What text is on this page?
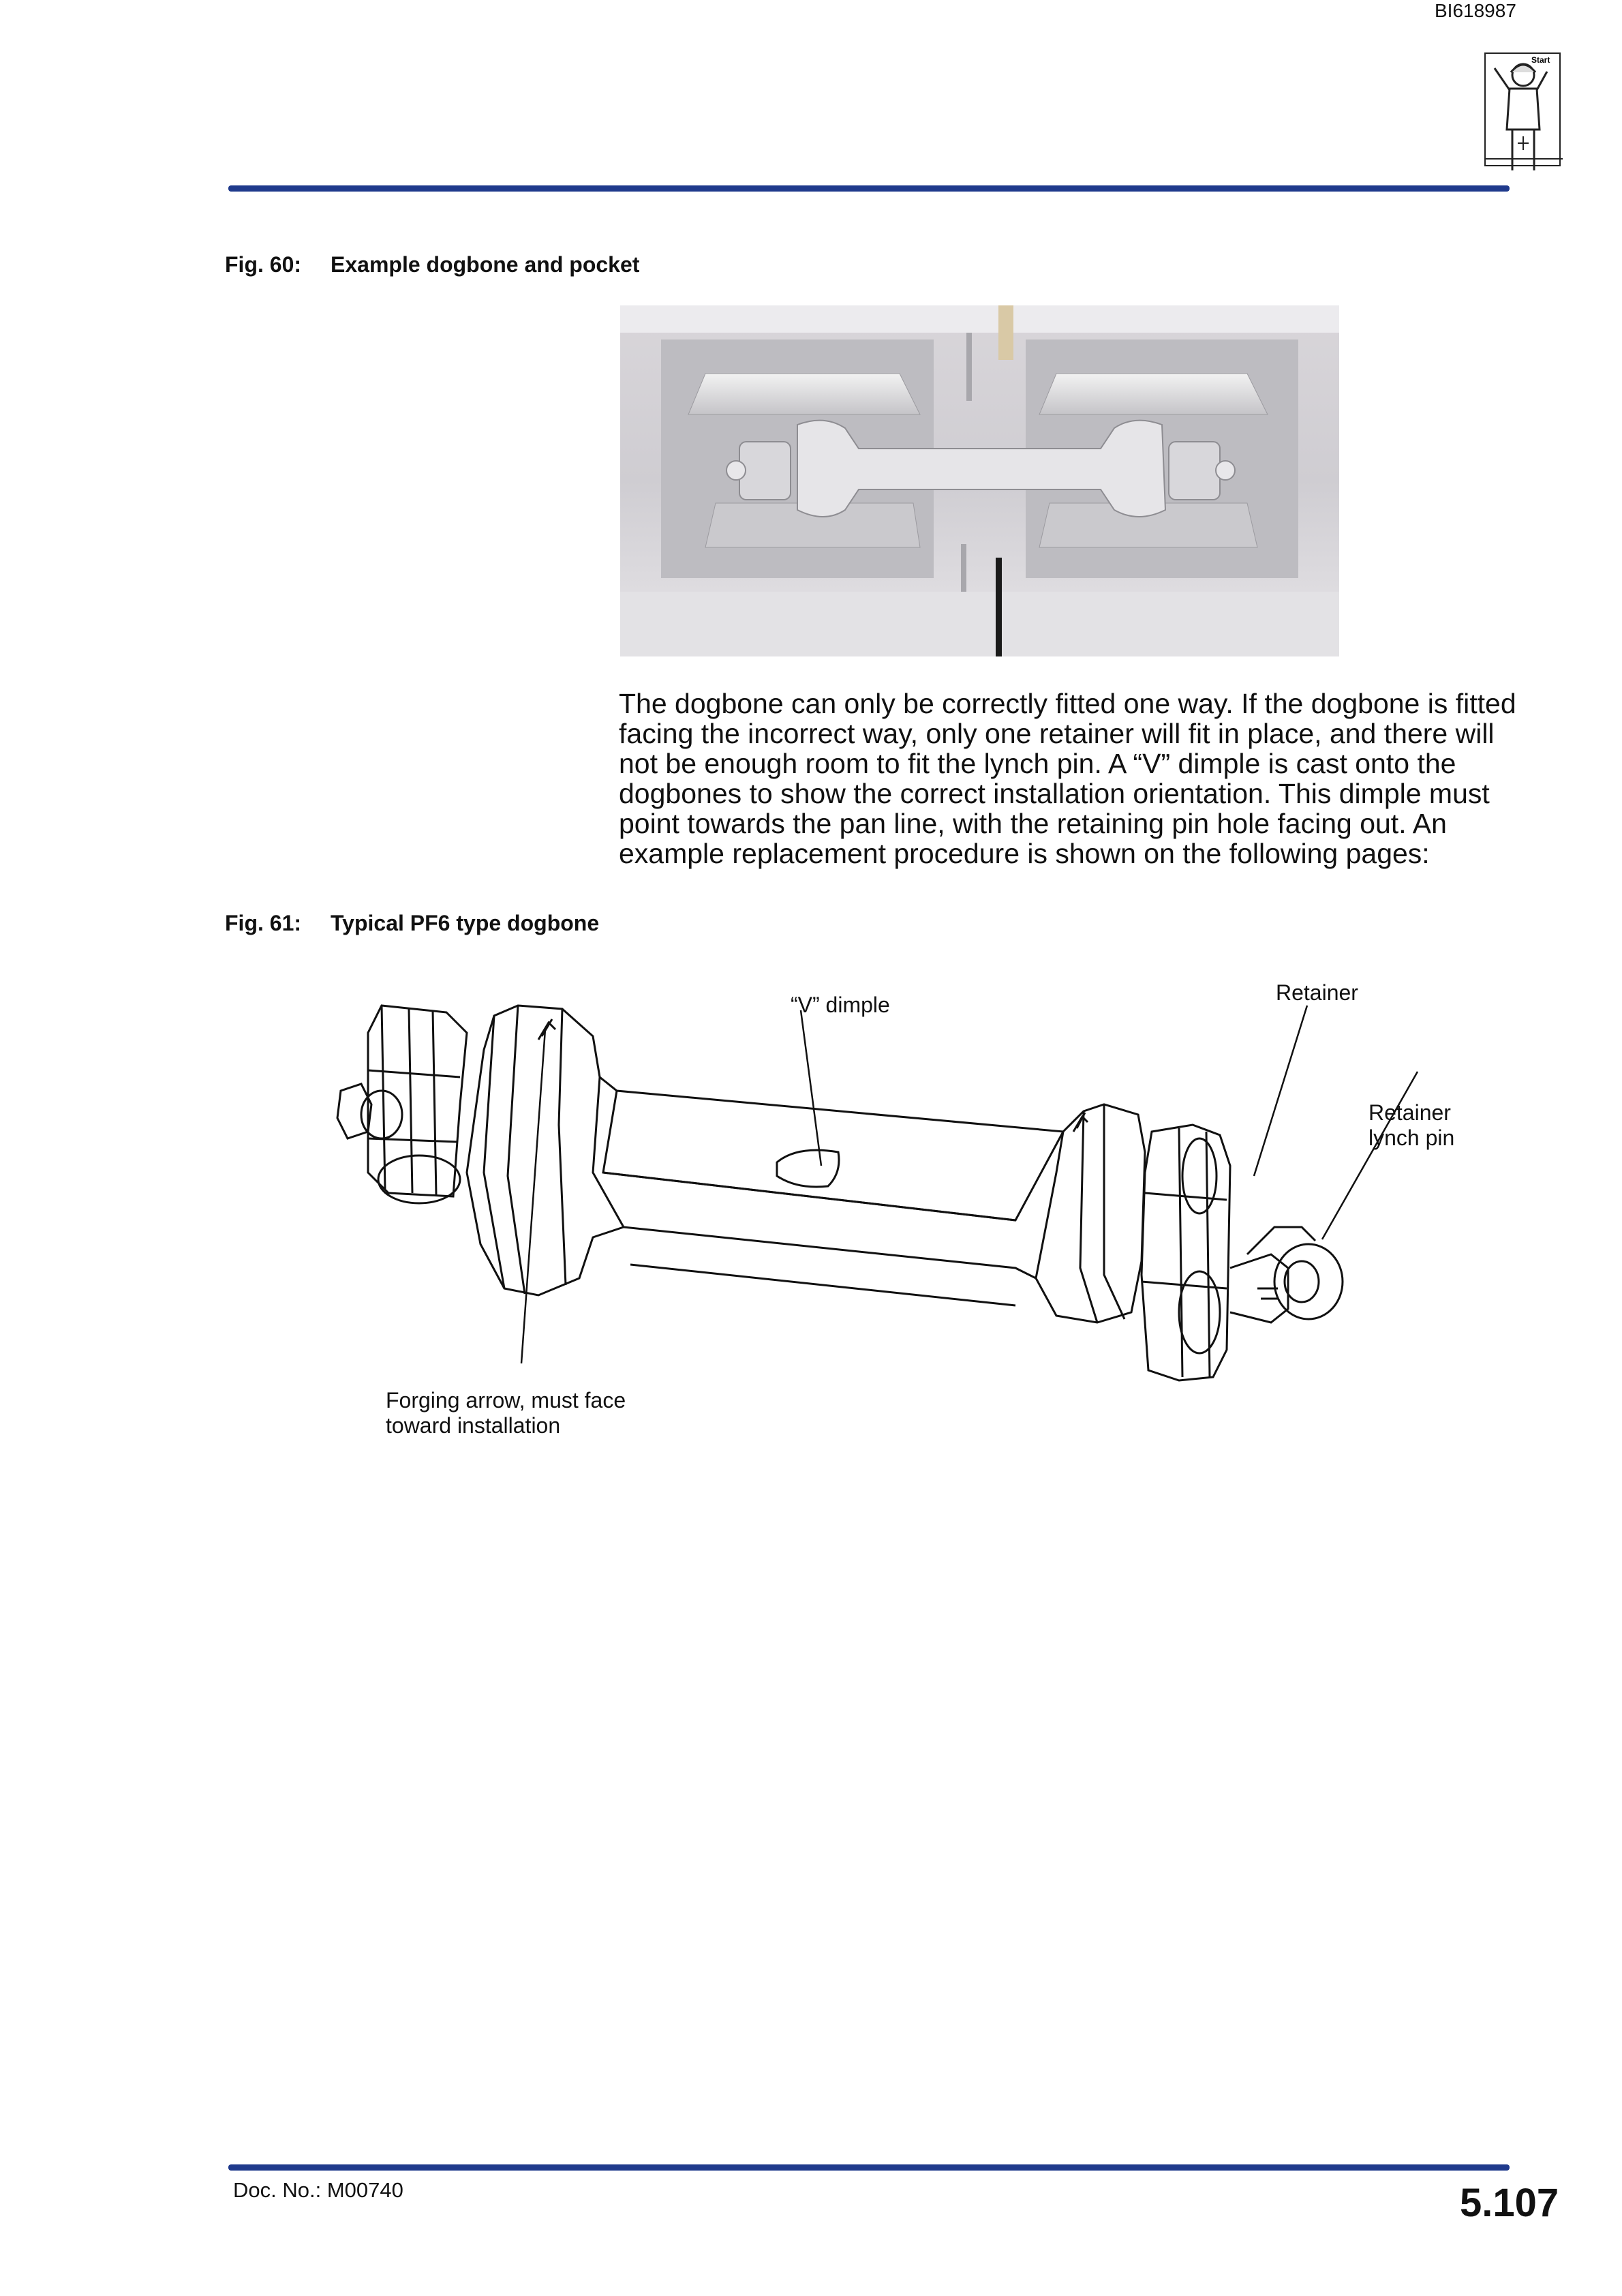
BI618987
Start
Fig. 60: Example dogbone and pocket

The dogbone can only be correctly fitted one way. If the dogbone is fitted facing the incorrect way, only one retainer will fit in place, and there will not be enough room to fit the lynch pin. A “V” dimple is cast onto the dogbones to show the correct installation orientation. This dimple must point towards the pan line, with the retaining pin hole facing out. An example replacement procedure is shown on the following pages:

Fig. 61: Typical PF6 type dogbone
“V” dimple	Retainer
Retainer
lynch pin
Forging arrow, must face
toward installation
Doc. No.: M00740	5.107
